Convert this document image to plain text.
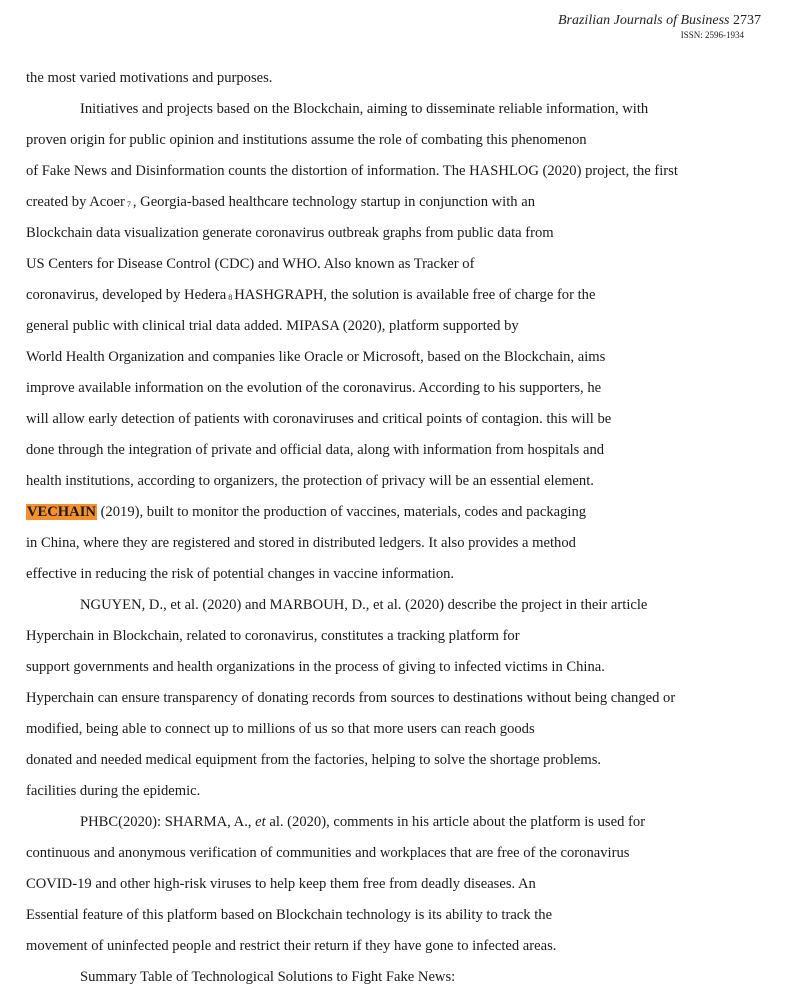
Brazilian Journals of Business 2737
ISSN: 2596-1934
the most varied motivations and purposes.
Initiatives and projects based on the Blockchain, aiming to disseminate reliable information, with
proven origin for public opinion and institutions assume the role of combating this phenomenon
of Fake News and Disinformation counts the distortion of information. The HASHLOG (2020) project, the first
created by Acoer 7 , Georgia-based healthcare technology startup in conjunction with an
Blockchain data visualization generate coronavirus outbreak graphs from public data from
US Centers for Disease Control (CDC) and WHO. Also known as Tracker of
coronavirus, developed by Hedera 8 HASHGRAPH, the solution is available free of charge for the
general public with clinical trial data added. MIPASA (2020), platform supported by
World Health Organization and companies like Oracle or Microsoft, based on the Blockchain, aims
improve available information on the evolution of the coronavirus. According to his supporters, he
will allow early detection of patients with coronaviruses and critical points of contagion. this will be
done through the integration of private and official data, along with information from hospitals and
health institutions, according to organizers, the protection of privacy will be an essential element.
VECHAIN (2019), built to monitor the production of vaccines, materials, codes and packaging
in China, where they are registered and stored in distributed ledgers. It also provides a method
effective in reducing the risk of potential changes in vaccine information.
NGUYEN, D., et al. (2020) and MARBOUH, D., et al. (2020) describe the project in their article
Hyperchain in Blockchain, related to coronavirus, constitutes a tracking platform for
support governments and health organizations in the process of giving to infected victims in China.
Hyperchain can ensure transparency of donating records from sources to destinations without being changed or
modified, being able to connect up to millions of us so that more users can reach goods
donated and needed medical equipment from the factories, helping to solve the shortage problems.
facilities during the epidemic.
PHBC(2020): SHARMA, A., et al. (2020), comments in his article about the platform is used for
continuous and anonymous verification of communities and workplaces that are free of the coronavirus
COVID-19 and other high-risk viruses to help keep them free from deadly diseases. An
Essential feature of this platform based on Blockchain technology is its ability to track the
movement of uninfected people and restrict their return if they have gone to infected areas.
Summary Table of Technological Solutions to Fight Fake News:
